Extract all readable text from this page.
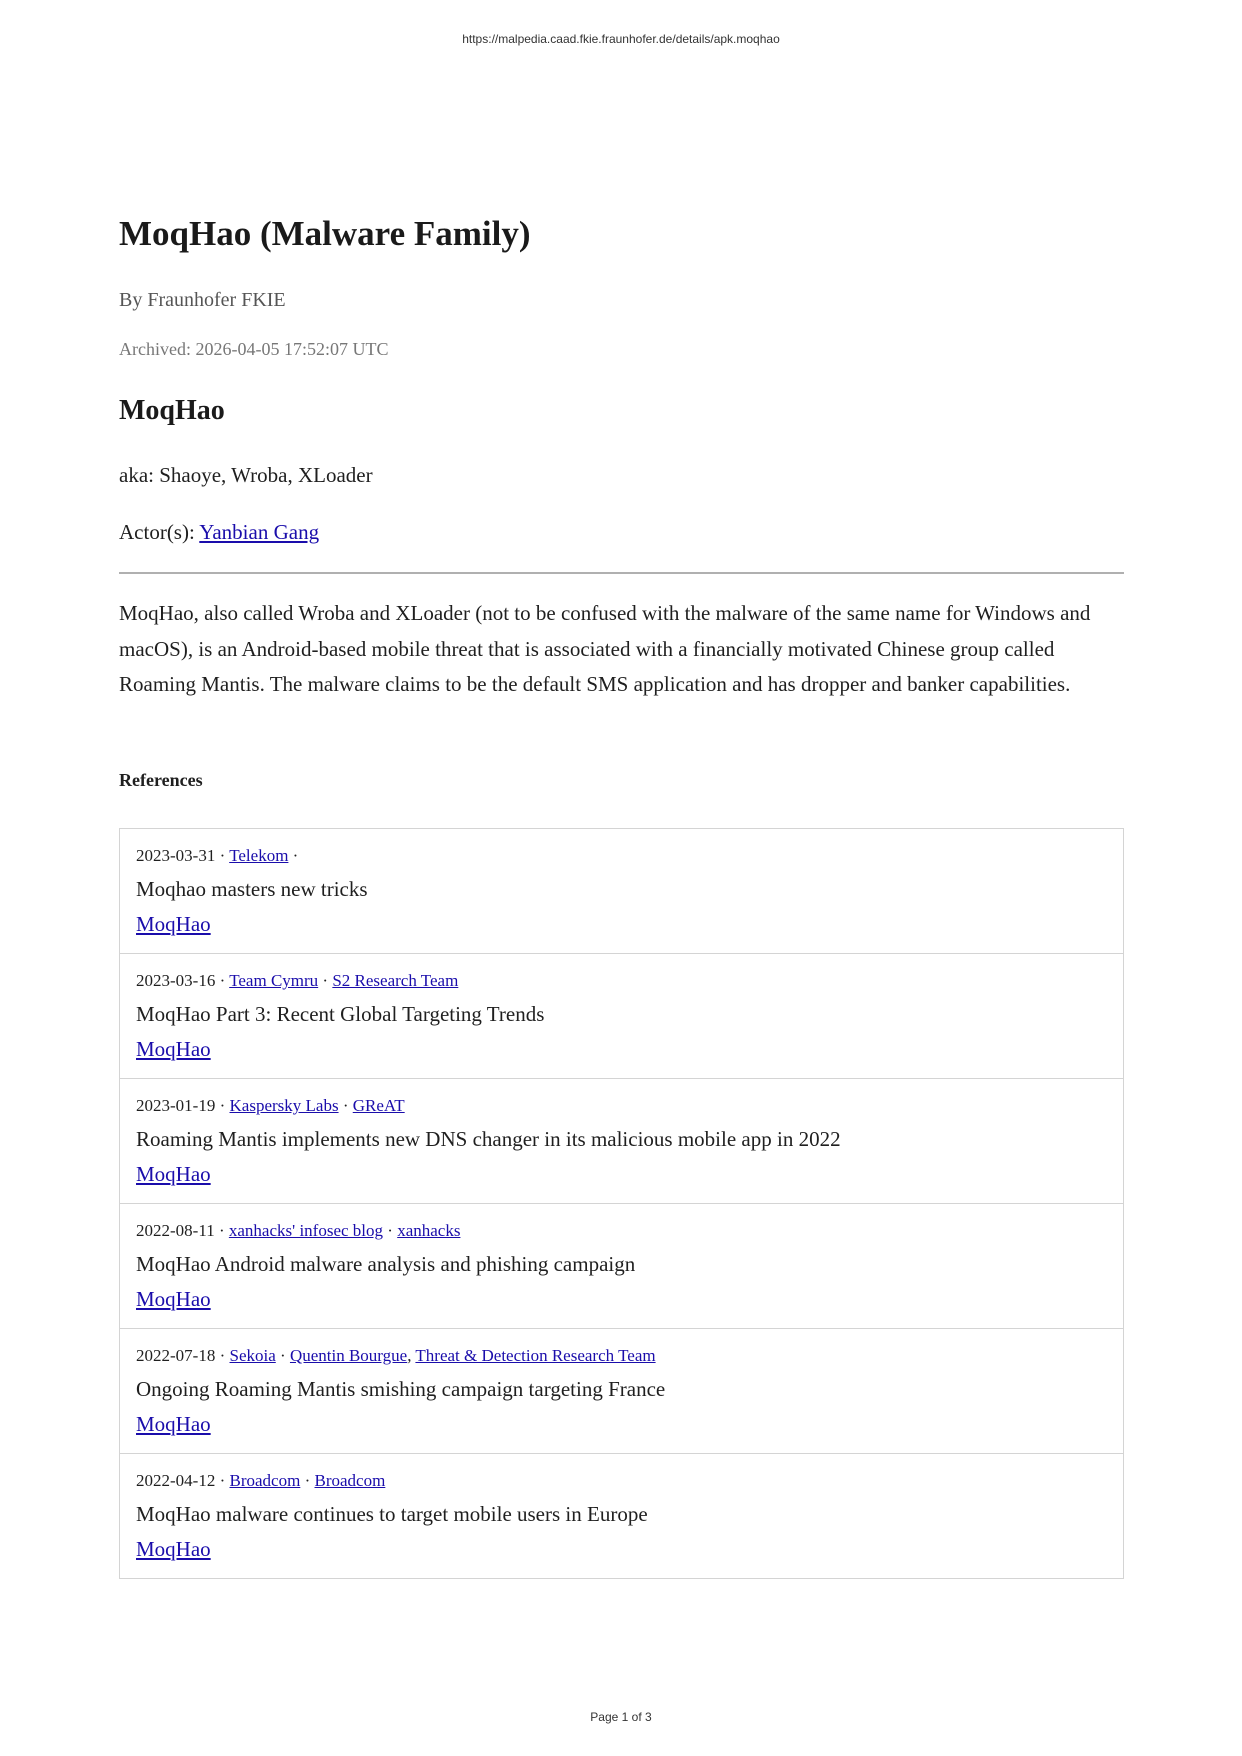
https://malpedia.caad.fkie.fraunhofer.de/details/apk.moqhao
MoqHao (Malware Family)
By Fraunhofer FKIE
Archived: 2026-04-05 17:52:07 UTC
MoqHao
aka: Shaoye, Wroba, XLoader
Actor(s): Yanbian Gang

MoqHao, also called Wroba and XLoader (not to be confused with the malware of the same name for Windows and macOS), is an Android-based mobile threat that is associated with a financially motivated Chinese group called Roaming Mantis. The malware claims to be the default SMS application and has dropper and banker capabilities.

References
2023-03-31 · Telekom ·
Moqhao masters new tricks
MoqHao
2023-03-16 · Team Cymru · S2 Research Team
MoqHao Part 3: Recent Global Targeting Trends
MoqHao
2023-01-19 · Kaspersky Labs · GReAT
Roaming Mantis implements new DNS changer in its malicious mobile app in 2022
MoqHao
2022-08-11 · xanhacks' infosec blog · xanhacks
MoqHao Android malware analysis and phishing campaign
MoqHao
2022-07-18 · Sekoia · Quentin Bourgue, Threat & Detection Research Team
Ongoing Roaming Mantis smishing campaign targeting France
MoqHao
2022-04-12 · Broadcom · Broadcom
MoqHao malware continues to target mobile users in Europe
MoqHao
Page 1 of 3
